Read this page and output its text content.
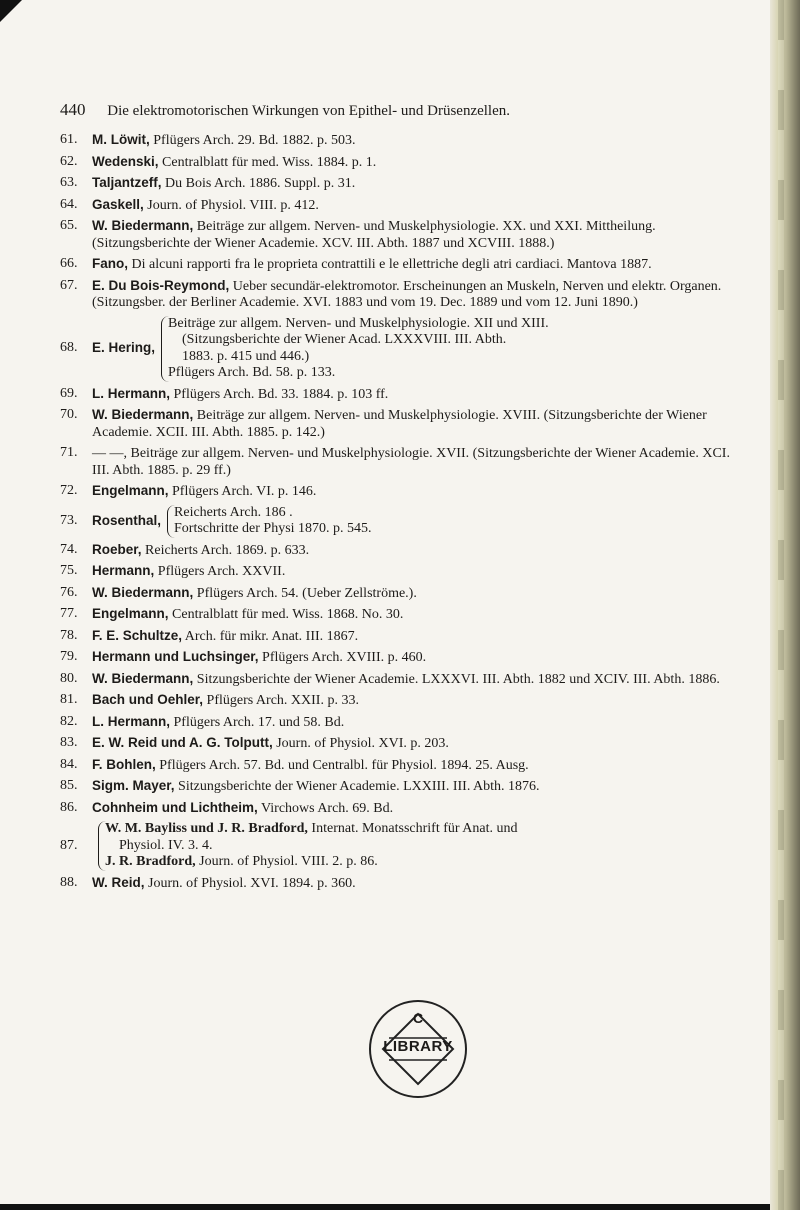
440 Die elektromotorischen Wirkungen von Epithel- und Drüsenzellen.
61.	M. Löwit, Pflügers Arch. 29. Bd. 1882. p. 503.
62.	Wedenski, Centralblatt für med. Wiss. 1884. p. 1.
63.	Taljantzeff, Du Bois Arch. 1886. Suppl. p. 31.
64.	Gaskell, Journ. of Physiol. VIII. p. 412.
65.	W. Biedermann, Beiträge zur allgem. Nerven- und Muskelphysiologie. XX. und XXI. Mittheilung. (Sitzungsberichte der Wiener Academie. XCV. III. Abth. 1887 und XCVIII. 1888.)
66.	Fano, Di alcuni rapporti fra le proprieta contrattili e le ellettriche degli atri cardiaci. Mantova 1887.
67.	E. Du Bois-Reymond, Ueber secundär-elektromotor. Erscheinungen an Muskeln, Nerven und elektr. Organen. (Sitzungsber. der Berliner Academie. XVI. 1883 und vom 19. Dec. 1889 und vom 12. Juni 1890.)
68.	E. Hering,
Beiträge zur allgem. Nerven- und Muskelphysiologie. XII und XIII.
(Sitzungsberichte der Wiener Acad. LXXXVIII. III. Abth.
1883. p. 415 und 446.)
Pflügers Arch. Bd. 58. p. 133.
69.	L. Hermann, Pflügers Arch. Bd. 33. 1884. p. 103 ff.
70.	W. Biedermann, Beiträge zur allgem. Nerven- und Muskelphysiologie. XVIII. (Sitzungsberichte der Wiener Academie. XCII. III. Abth. 1885. p. 142.)
71.	— —, Beiträge zur allgem. Nerven- und Muskelphysiologie. XVII. (Sitzungsberichte der Wiener Academie. XCI. III. Abth. 1885. p. 29 ff.)
72.	Engelmann, Pflügers Arch. VI. p. 146.
73.	Rosenthal,
Reicherts Arch. 186 .
Fortschritte der Physi 1870. p. 545.
74.	Roeber, Reicherts Arch. 1869. p. 633.
75.	Hermann, Pflügers Arch. XXVII.
76.	W. Biedermann, Pflügers Arch. 54. (Ueber Zellströme.).
77.	Engelmann, Centralblatt für med. Wiss. 1868. No. 30.
78.	F. E. Schultze, Arch. für mikr. Anat. III. 1867.
79.	Hermann und Luchsinger, Pflügers Arch. XVIII. p. 460.
80.	W. Biedermann, Sitzungsberichte der Wiener Academie. LXXXVI. III. Abth. 1882 und XCIV. III. Abth. 1886.
81.	Bach und Oehler, Pflügers Arch. XXII. p. 33.
82.	L. Hermann, Pflügers Arch. 17. und 58. Bd.
83.	E. W. Reid und A. G. Tolputt, Journ. of Physiol. XVI. p. 203.
84.	F. Bohlen, Pflügers Arch. 57. Bd. und Centralbl. für Physiol. 1894. 25. Ausg.
85.	Sigm. Mayer, Sitzungsberichte der Wiener Academie. LXXIII. III. Abth. 1876.
86.	Cohnheim und Lichtheim, Virchows Arch. 69. Bd.
87.
W. M. Bayliss und J. R. Bradford, Internat. Monatsschrift für Anat. und
Physiol. IV. 3. 4.
J. R. Bradford, Journ. of Physiol. VIII. 2. p. 86.
88.	W. Reid, Journ. of Physiol. XVI. 1894. p. 360.
C
LIBRARY
